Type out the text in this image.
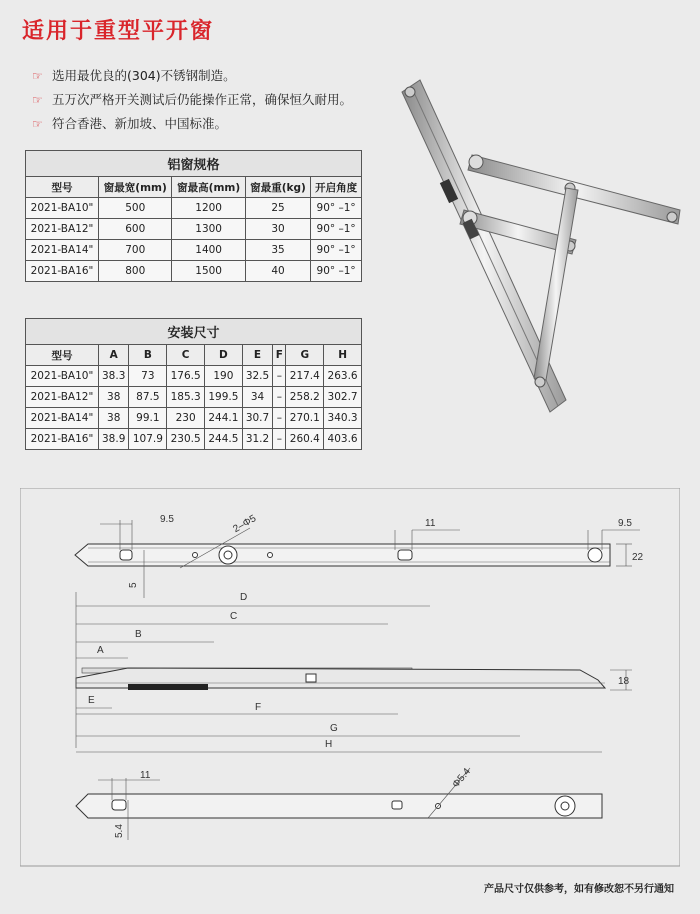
适用于重型平开窗
☞ 选用最优良的(304)不锈钢制造。
☞ 五万次严格开关测试后仍能操作正常，确保恒久耐用。
☞ 符合香港、新加坡、中国标准。
铝窗规格				
型号	窗最宽(mm)	窗最高(mm)	窗最重(kg)	开启角度
2021-BA10"	500	1200	25	90° –1°
2021-BA12"	600	1300	30	90° –1°
2021-BA14"	700	1400	35	90° –1°
2021-BA16"	800	1500	40	90° –1°
安装尺寸								
型号	A	B	C	D	E	F	G	H
2021-BA10"	38.3	73	176.5	190	32.5	–	217.4	263.6
2021-BA12"	38	87.5	185.3	199.5	34	–	258.2	302.7
2021-BA14"	38	99.1	230	244.1	30.7	–	270.1	340.3
2021-BA16"	38.9	107.9	230.5	244.5	31.2	–	260.4	403.6
9.5	2–Φ5	11	9.5
22
5
D
C
B
A
E
F
G
H
18
11	Φ5.4
5.4
产品尺寸仅供参考，如有修改恕不另行通知
